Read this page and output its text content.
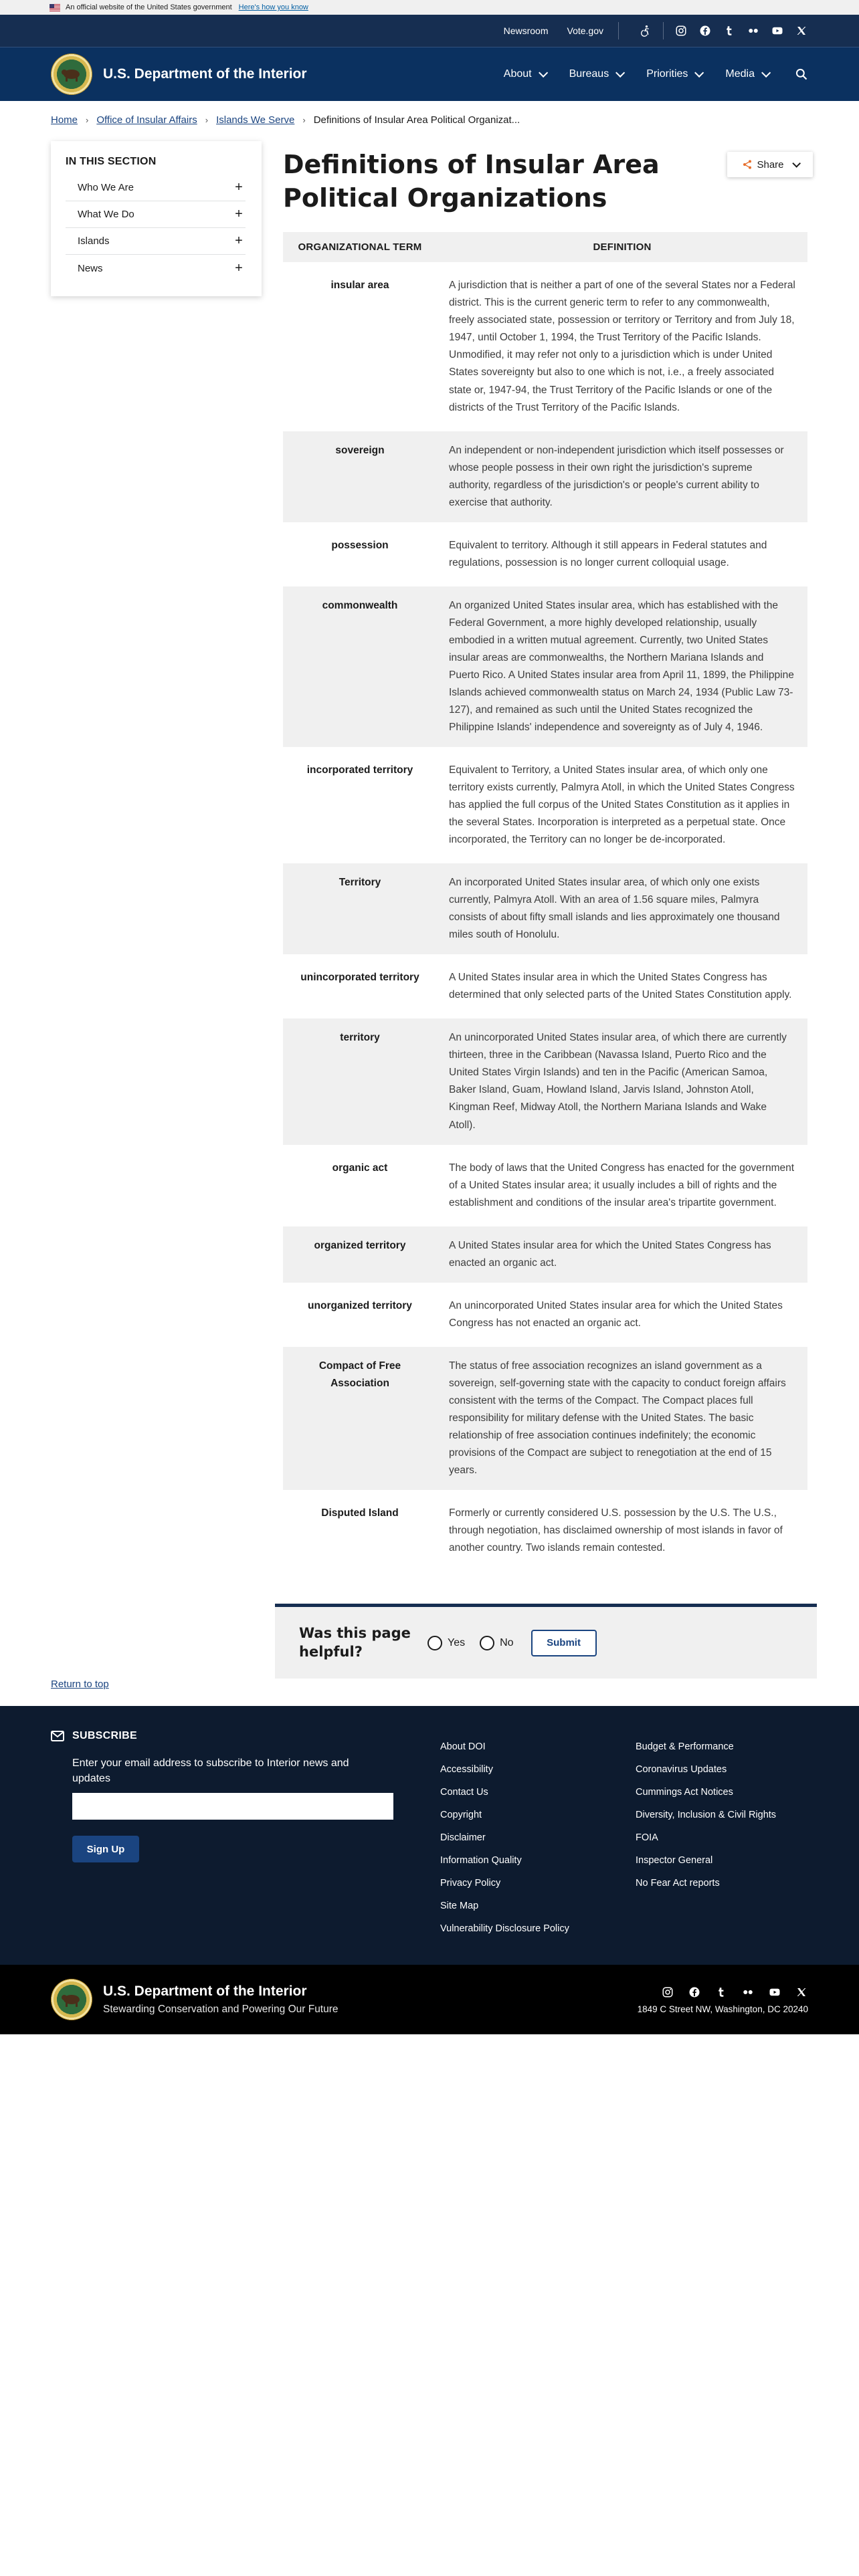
An official website of the United States government Here's how you know
Newsroom Vote.gov
U.S. Department of the Interior	About	Bureaus	Priorities	Media
Home › Office of Insular Affairs › Islands We Serve › Definitions of Insular Area Political Organizat...
IN THIS SECTION
Who We Are	+
What We Do	+
Islands	+
News	+
Definitions of Insular Area Political Organizations
Share
ORGANIZATIONAL TERM	DEFINITION
insular area	A jurisdiction that is neither a part of one of the several States nor a Federal district. This is the current generic term to refer to any commonwealth, freely associated state, possession or territory or Territory and from July 18, 1947, until October 1, 1994, the Trust Territory of the Pacific Islands. Unmodified, it may refer not only to a jurisdiction which is under United States sovereignty but also to one which is not, i.e., a freely associated state or, 1947-94, the Trust Territory of the Pacific Islands or one of the districts of the Trust Territory of the Pacific Islands.
sovereign	An independent or non-independent jurisdiction which itself possesses or whose people possess in their own right the jurisdiction's supreme authority, regardless of the jurisdiction's or people's current ability to exercise that authority.
possession	Equivalent to territory. Although it still appears in Federal statutes and regulations, possession is no longer current colloquial usage.
commonwealth	An organized United States insular area, which has established with the Federal Government, a more highly developed relationship, usually embodied in a written mutual agreement. Currently, two United States insular areas are commonwealths, the Northern Mariana Islands and Puerto Rico. A United States insular area from April 11, 1899, the Philippine Islands achieved commonwealth status on March 24, 1934 (Public Law 73-127), and remained as such until the United States recognized the Philippine Islands' independence and sovereignty as of July 4, 1946.
incorporated territory	Equivalent to Territory, a United States insular area, of which only one territory exists currently, Palmyra Atoll, in which the United States Congress has applied the full corpus of the United States Constitution as it applies in the several States. Incorporation is interpreted as a perpetual state. Once incorporated, the Territory can no longer be de-incorporated.
Territory	An incorporated United States insular area, of which only one exists currently, Palmyra Atoll. With an area of 1.56 square miles, Palmyra consists of about fifty small islands and lies approximately one thousand miles south of Honolulu.
unincorporated territory	A United States insular area in which the United States Congress has determined that only selected parts of the United States Constitution apply.
territory	An unincorporated United States insular area, of which there are currently thirteen, three in the Caribbean (Navassa Island, Puerto Rico and the United States Virgin Islands) and ten in the Pacific (American Samoa, Baker Island, Guam, Howland Island, Jarvis Island, Johnston Atoll, Kingman Reef, Midway Atoll, the Northern Mariana Islands and Wake Atoll).
organic act	The body of laws that the United Congress has enacted for the government of a United States insular area; it usually includes a bill of rights and the establishment and conditions of the insular area's tripartite government.
organized territory	A United States insular area for which the United States Congress has enacted an organic act.
unorganized territory	An unincorporated United States insular area for which the United States Congress has not enacted an organic act.
Compact of Free Association	The status of free association recognizes an island government as a sovereign, self-governing state with the capacity to conduct foreign affairs consistent with the terms of the Compact. The Compact places full responsibility for military defense with the United States. The basic relationship of free association continues indefinitely; the economic provisions of the Compact are subject to renegotiation at the end of 15 years.
Disputed Island	Formerly or currently considered U.S. possession by the U.S. The U.S., through negotiation, has disclaimed ownership of most islands in favor of another country. Two islands remain contested.
Was this page helpful?
Yes	No	Submit
Return to top
SUBSCRIBE
Enter your email address to subscribe to Interior news and updates
Sign Up
About DOI
Accessibility
Contact Us
Copyright
Disclaimer
Information Quality
Privacy Policy
Site Map
Vulnerability Disclosure Policy
Budget & Performance
Coronavirus Updates
Cummings Act Notices
Diversity, Inclusion & Civil Rights
FOIA
Inspector General
No Fear Act reports
U.S. Department of the Interior
Stewarding Conservation and Powering Our Future	1849 C Street NW, Washington, DC 20240
